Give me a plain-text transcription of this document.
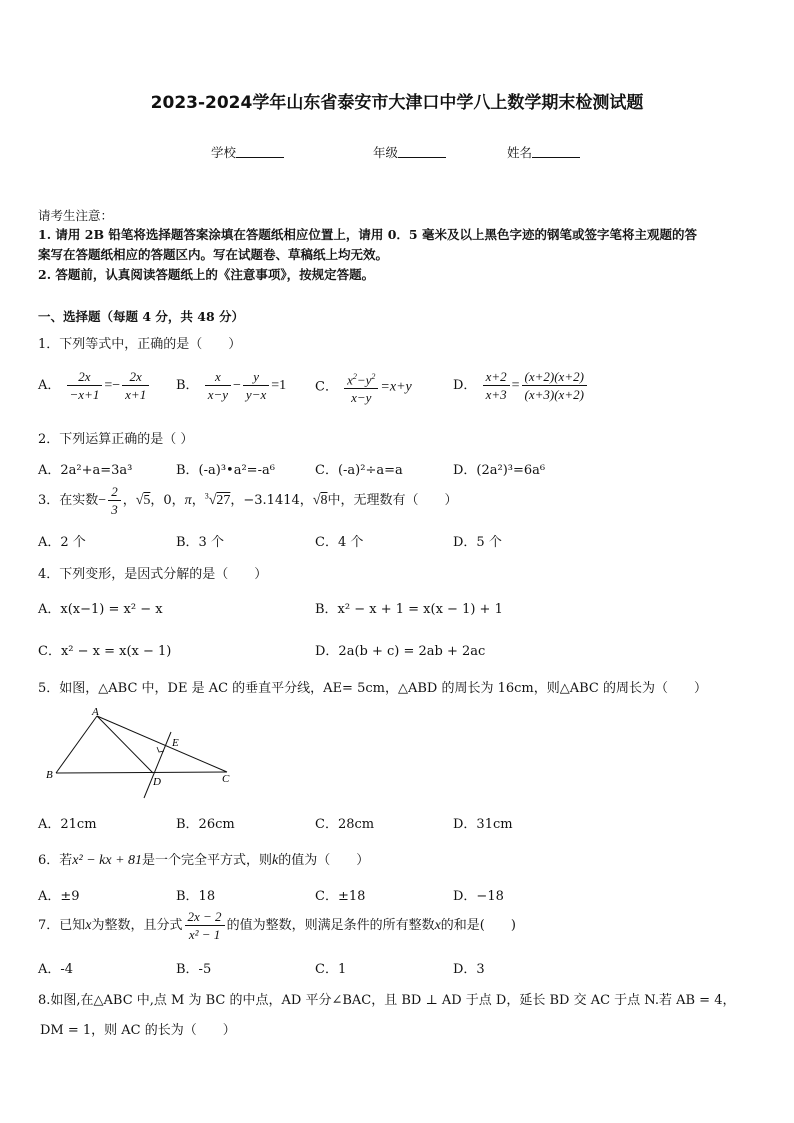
2023-2024学年山东省泰安市大津口中学八上数学期末检测试题
学校	年级	姓名
请考生注意：
1. 请用 2B 铅笔将选择题答案涂填在答题纸相应位置上，请用 0．5 毫米及以上黑色字迹的钢笔或签字笔将主观题的答
案写在答题纸相应的答题区内。写在试题卷、草稿纸上均无效。
2. 答题前，认真阅读答题纸上的《注意事项》，按规定答题。
一、选择题（每题 4 分，共 48 分）
1．下列等式中，正确的是（　　）
A． $\frac{2x}{-x+1} =- \frac{2x}{x+1}$ B． $\frac{x}{x-y} - \frac{y}{y-x} =1$ C． $\frac{x^2-y^2}{x-y} =x+y$	D． $\frac{x+2}{x+3} = \frac{(x+2)(x+2)}{(x+3)(x+2)}$
2．下列运算正确的是（ ）
A．2a²+a=3a³	B．(-a)³•a²=-a⁶	C．(-a)²÷a=a	D．(2a²)³=6a⁶
3．在实数− $\frac{2}{3}$ ，√5，0，π，$^3$√27，−3.1414，√8中，无理数有（　　）
A．2 个	B．3 个	C．4 个	D．5 个
4．下列变形，是因式分解的是（　　）
A．x(x−1) = x² − x	B．x² − x + 1 = x(x − 1) + 1
C．x² − x = x(x − 1)	D．2a(b + c) = 2ab + 2ac
5．如图，△ABC 中，DE 是 AC 的垂直平分线，AE= 5cm，△ABD 的周长为 16cm，则△ABC 的周长为（　　）
A
B	C
D
E
A．21cm	B．26cm	C．28cm	D．31cm
6．若x² − kx + 81是一个完全平方式，则k的值为（　　）
A．±9	B．18	C．±18	D．−18
7．已知x为整数，且分式 $\frac{2x - 2}{\text{x² − 1}}$ 的值为整数，则满足条件的所有整数x的和是(　　)
A．-4	B．-5	C．1	D．3
8.如图,在△ABC 中,点 M 为 BC 的中点，AD 平分∠BAC，且 BD ⊥ AD 于点 D，延长 BD 交 AC 于点 N.若 AB = 4，
DM = 1，则 AC 的长为（　　）
